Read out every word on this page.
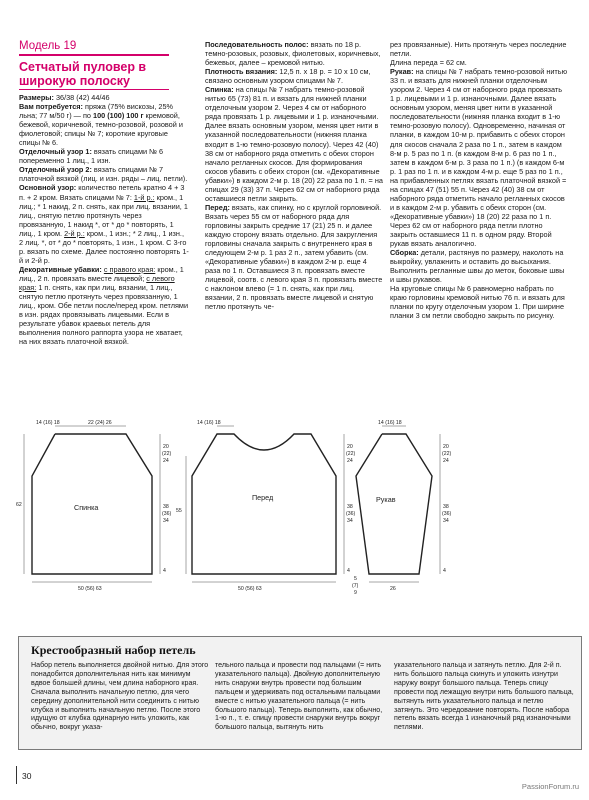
Модель 19
Сетчатый пуловер в широкую полоску

Размеры: 36/38 (42) 44/46

Вам потребуется: пряжа (75% вискозы, 25% льна; 77 м/50 г) — по 100 (100) 100 г кремовой, бежевой, коричневой, темно-розовой, розовой и фиолетовой; спицы № 7; короткие круговые спицы № 6.

Отделочный узор 1: вязать спицами № 6 попеременно 1 лиц., 1 изн.

Отделочный узор 2: вязать спицами № 7 платочной вязкой (лиц. и изн. ряды – лиц. петли).

Основной узор: количество петель кратно 4 + 3 п. + 2 кром. Вязать спицами № 7: 1-й р.: кром., 1 лиц.; * 1 накид, 2 п. снять, как при лиц. вязании, 1 лиц., снятую петлю протянуть через провязанную, 1 накид *, от * до * повторять, 1 лиц., 1 кром. 2-й р.: кром., 1 изн.; * 2 лиц., 1 изн., 2 лиц. *, от * до * повторять, 1 изн., 1 кром. С 3-го р. вязать по схеме. Далее постоянно повторять 1-й и 2-й р.

Декоративные убавки: с правого края: кром., 1 лиц., 2 п. провязать вместе лицевой; с левого края: 1 п. снять, как при лиц. вязании, 1 лиц., снятую петлю протянуть через провязанную, 1 лиц., кром. Обе петли после/перед кром. петлями в изн. рядах провязывать лицевыми. Если в результате убавок краевых петель для выполнения полного раппорта узора не хватает, на них вязать платочной вязкой.

Последовательность полос: вязать по 18 р. темно-розовых, розовых, фиолетовых, коричневых, бежевых, далее – кремовой нитью.

Плотность вязания: 12,5 п. х 18 р. = 10 х 10 см, связано основным узором спицами № 7.

Спинка: на спицы № 7 набрать темно-розовой нитью 65 (73) 81 п. и вязать для нижней планки отделочным узором 2. Через 4 см от наборного ряда провязать 1 р. лицевыми и 1 р. изнаночными. Далее вязать основным узором, меняя цвет нити в указанной последовательности (нижняя планка входит в 1-ю темно-розовую полосу). Через 42 (40) 38 см от наборного ряда отметить с обеих сторон начало регланных скосов. Для формирования скосов убавить с обеих сторон (см. «Декоративные убавки») в каждом 2-м р. 18 (20) 22 раза по 1 п. = на спицах 29 (33) 37 п. Через 62 см от наборного ряда оставшиеся петли закрыть.

Перед: вязать, как спинку, но с круглой горловиной. Вязать через 55 см от наборного ряда для горловины закрыть средние 17 (21) 25 п. и далее каждую сторону вязать отдельно. Для закругления горловины сначала закрыть с внутреннего края в следующем 2-м р. 1 раз 2 п., затем убавить (см. «Декоративные убавки») в каждом 2-м р. еще 4 раза по 1 п. Оставшиеся 3 п. провязать вместе лицевой, соотв. с левого края 3 п. провязать вместе с наклоном влево (= 1 п. снять, как при лиц. вязании, 2 п. провязать вместе лицевой и снятую петлю протянуть че-

рез провязанные). Нить протянуть через последние петли.

Длина переда = 62 см.

Рукав: на спицы № 7 набрать темно-розовой нитью 33 п. и вязать для нижней планки отделочным узором 2. Через 4 см от наборного ряда провязать 1 р. лицевыми и 1 р. изнаночными. Далее вязать основным узором, меняя цвет нити в указанной последовательности (нижняя планка входит в 1-ю темно-розовую полосу). Одновременно, начиная от планки, в каждом 10-м р. прибавить с обеих сторон для скосов сначала 2 раза по 1 п., затем в каждом 8-м р. 5 раз по 1 п. (в каждом 8-м р. 6 раз по 1 п., затем в каждом 6-м р. 3 раза по 1 п.) (в каждом 6-м р. 1 раз по 1 п. и в каждом 4-м р. еще 5 раз по 1 п., на прибавленных петлях вязать платочной вязкой = на спицах 47 (51) 55 п. Через 42 (40) 38 см от наборного ряда отметить начало регланных скосов и в каждом 2-м р. убавить с обеих сторон (см. «Декоративные убавки») 18 (20) 22 раза по 1 п. Через 62 см от наборного ряда петли плотно закрыть оставшиеся 11 п. в одном ряду. Второй рукав вязать аналогично.

Сборка: детали, растянув по размеру, наколоть на выкройку, увлажнить и оставить до высыхания. Выполнить регланные швы до меток, боковые швы и швы рукавов.

На круговые спицы № 6 равномерно набрать по краю горловины кремовой нитью 76 п. и вязать для планки по кругу отделочным узором 1. При ширине планки 3 см петли свободно закрыть по рисунку.

14 (16) 18	22 (24) 26
20
(22)
24
38
(36)
34
4
62
50 (56) 63
Спинка
14 (16) 18
20
(22)
24
38
(36)
34
4
55
50 (56) 63
Перед
14 (16) 18
20
(22)
24
38
(36)
34
4
5
(7)
9
26
Рукав
Крестообразный набор петель

Набор петель выполняется двойной нитью. Для этого понадобится дополнительная нить как минимум вдвое большей длины, чем длина наборного края. Сначала выполнить начальную петлю, для чего середину дополнительной нити соединить с нитью клубка и выполнить начальную петлю. После этого идущую от клубка одинарную нить уложить, как обычно, вокруг указа-

тельного пальца и провести под пальцами (= нить указательного пальца). Двойную дополнительную нить снаружи внутрь провести под большим пальцем и удерживать под остальными пальцами вместе с нитью указательного пальца (= нить большого пальца). Теперь выполнить, как обычно, 1-ю п., т. е. спицу провести снаружи внутрь вокруг большого пальца, вытянуть нить

указательного пальца и затянуть петлю. Для 2-й п. нить большого пальца скинуть и уложить изнутри наружу вокруг большого пальца. Теперь спицу провести под лежащую внутри нить большого пальца, вытянуть нить указательного пальца и петлю затянуть. Это чередование повторять. После набора петель вязать всегда 1 изнаночный ряд изнаночными петлями.

30
PassionForum.ru
